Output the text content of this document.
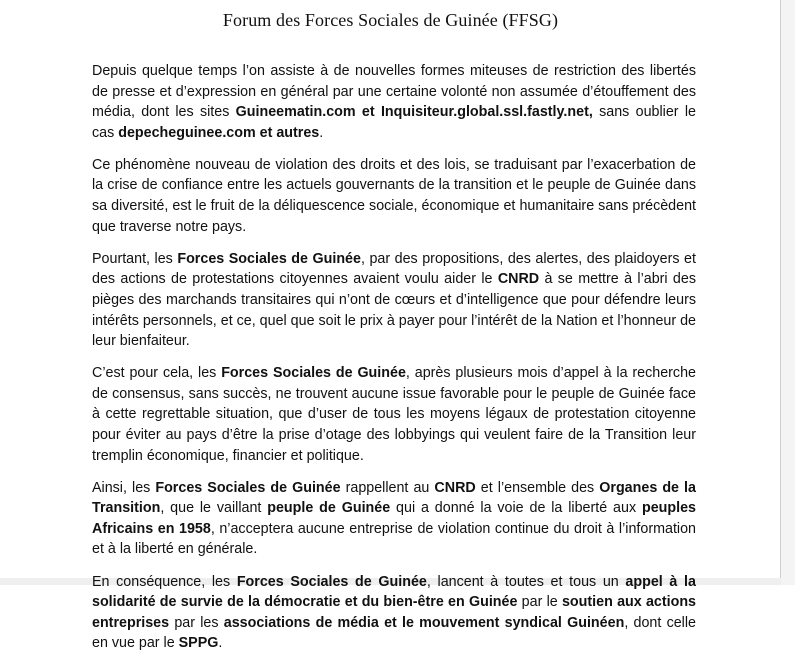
Forum des Forces Sociales de Guinée (FFSG)

Depuis quelque temps l’on assiste à de nouvelles formes miteuses de restriction des libertés de presse et d’expression en général par une certaine volonté non assumée d’étouffement des média, dont les sites Guineematin.com et Inquisiteur.global.ssl.fastly.net, sans oublier le cas depecheguinee.com et autres.

Ce phénomène nouveau de violation des droits et des lois, se traduisant par l’exacerbation de la crise de confiance entre les actuels gouvernants de la transition et le peuple de Guinée dans sa diversité, est le fruit de la déliquescence sociale, économique et humanitaire sans précèdent que traverse notre pays.

Pourtant, les Forces Sociales de Guinée, par des propositions, des alertes, des plaidoyers et des actions de protestations citoyennes avaient voulu aider le CNRD à se mettre à l’abri des pièges des marchands transitaires qui n’ont de cœurs et d’intelligence que pour défendre leurs intérêts personnels, et ce, quel que soit le prix à payer pour l’intérêt de la Nation et l’honneur de leur bienfaiteur.

C’est pour cela, les Forces Sociales de Guinée, après plusieurs mois d’appel à la recherche de consensus, sans succès, ne trouvent aucune issue favorable pour le peuple de Guinée face à cette regrettable situation, que d’user de tous les moyens légaux de protestation citoyenne pour éviter au pays d’être la prise d’otage des lobbyings qui veulent faire de la Transition leur tremplin économique, financier et politique.

Ainsi, les Forces Sociales de Guinée rappellent au CNRD et l’ensemble des Organes de la Transition, que le vaillant peuple de Guinée qui a donné la voie de la liberté aux peuples Africains en 1958, n’acceptera aucune entreprise de violation continue du droit à l’information et à la liberté en générale.

En conséquence, les Forces Sociales de Guinée, lancent à toutes et tous un appel à la solidarité de survie de la démocratie et du bien-être en Guinée par le soutien aux actions entreprises par les associations de média et le mouvement syndical Guinéen, dont celle en vue par le SPPG.
